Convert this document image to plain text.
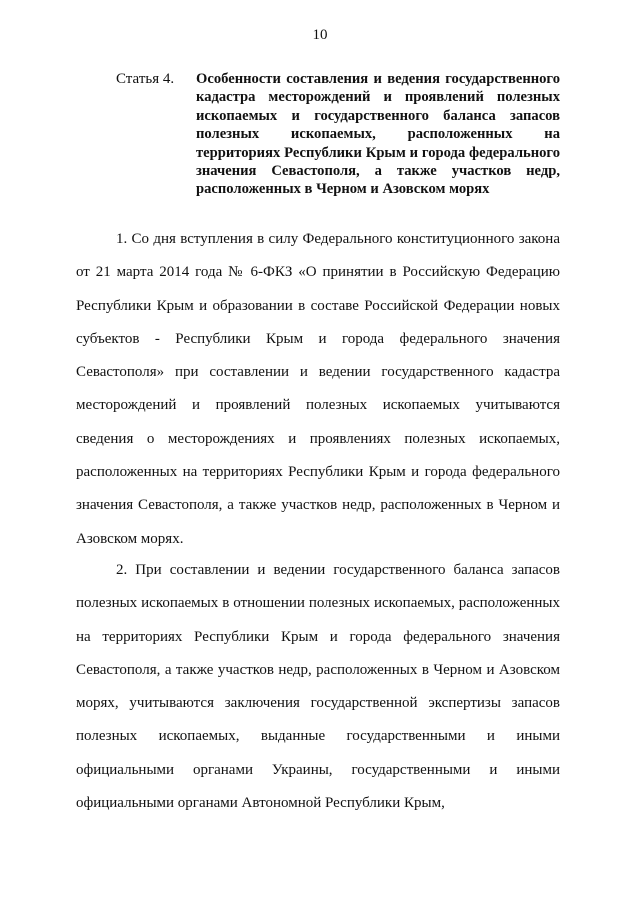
10
Статья 4.	Особенности составления и ведения государственного кадастра месторождений и проявлений полезных ископаемых и государственного баланса запасов полезных ископаемых, расположенных на территориях Республики Крым и города федерального значения Севастополя, а также участков недр, расположенных в Черном и Азовском морях
1. Со дня вступления в силу Федерального конституционного закона от 21 марта 2014 года № 6-ФКЗ «О принятии в Российскую Федерацию Республики Крым и образовании в составе Российской Федерации новых субъектов - Республики Крым и города федерального значения Севастополя» при составлении и ведении государственного кадастра месторождений и проявлений полезных ископаемых учитываются сведения о месторождениях и проявлениях полезных ископаемых, расположенных на территориях Республики Крым и города федерального значения Севастополя, а также участков недр, расположенных в Черном и Азовском морях.
2. При составлении и ведении государственного баланса запасов полезных ископаемых в отношении полезных ископаемых, расположенных на территориях Республики Крым и города федерального значения Севастополя, а также участков недр, расположенных в Черном и Азовском морях, учитываются заключения государственной экспертизы запасов полезных ископаемых, выданные государственными и иными официальными органами Украины, государственными и иными официальными органами Автономной Республики Крым,
